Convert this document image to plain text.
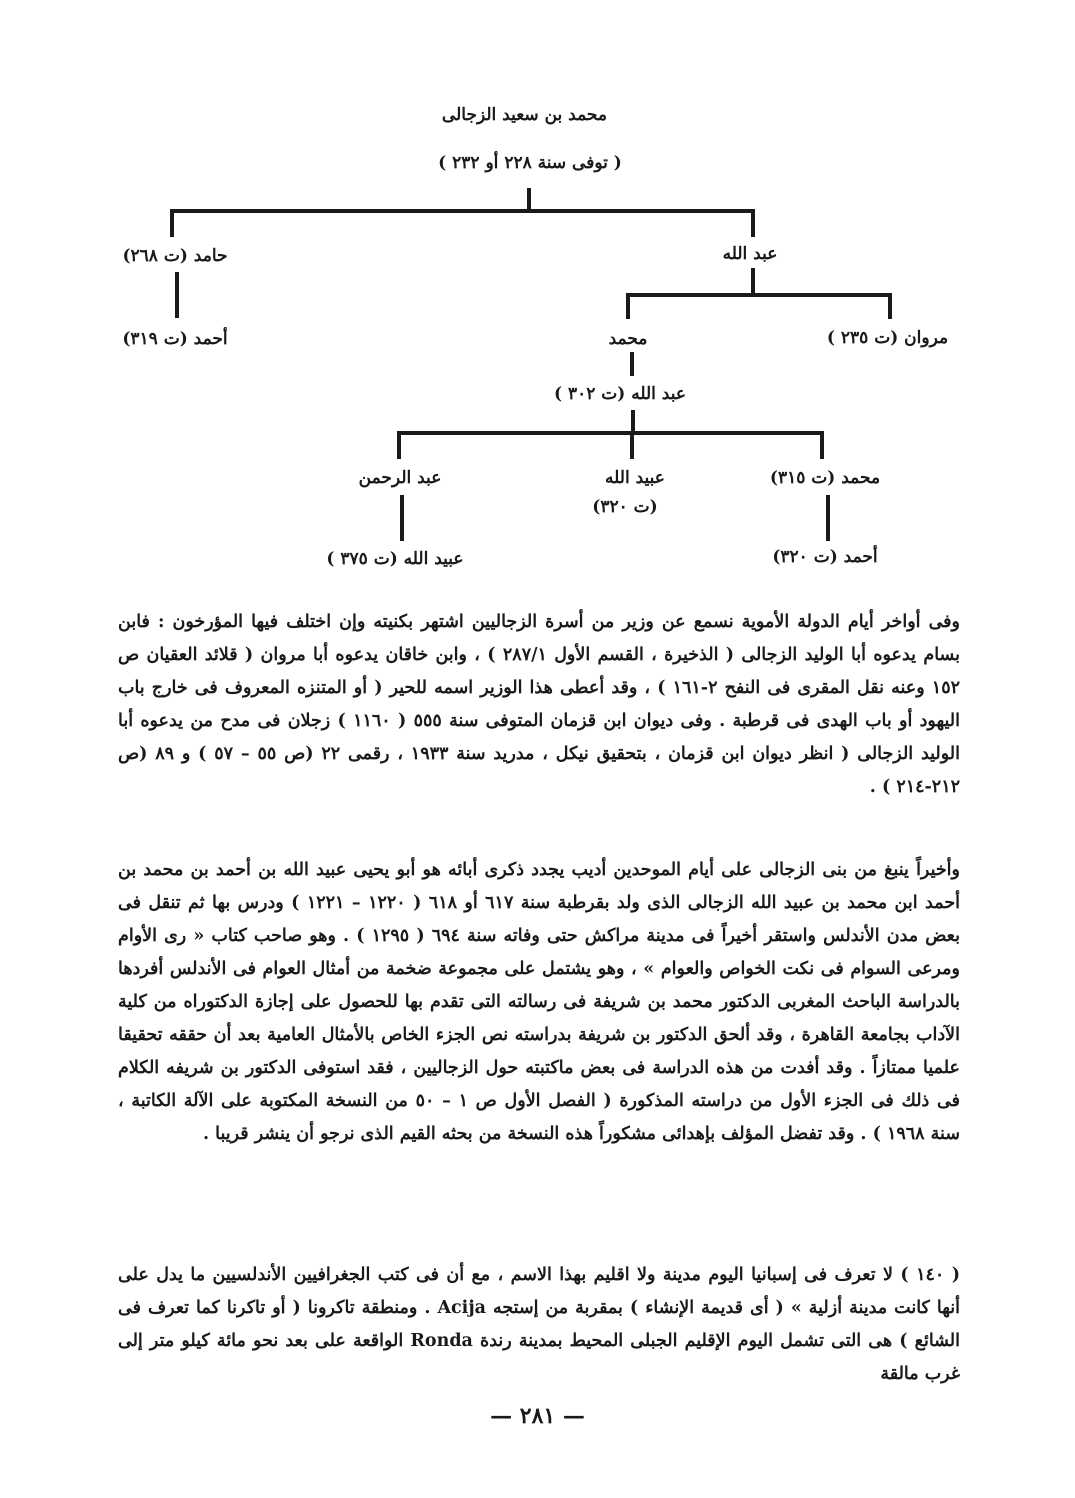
محمد بن سعيد الزجالى
( توفى سنة ٢٢٨ أو ٢٣٢ )
حامد (ت ٢٦٨)
أحمد (ت ٣١٩)
عبد الله
مروان (ت ٢٣٥ )
محمد
عبد الله (ت ٣٠٢ )
محمد (ت ٣١٥)
أحمد (ت ٣٢٠)
عبيد الله
(ت ٣٢٠)
عبد الرحمن
عبيد الله (ت ٣٧٥ )

وفى أواخر أيام الدولة الأموية نسمع عن وزير من أسرة الزجاليين اشتهر بكنيته وإن اختلف فيها المؤرخون : فابن بسام يدعوه أبا الوليد الزجالى ( الذخيرة ، القسم الأول ٢٨٧/١ ) ، وابن خاقان يدعوه أبا مروان ( قلائد العقيان ص ١٥٢ وعنه نقل المقرى فى النفح ٢-١٦١ ) ، وقد أعطى هذا الوزير اسمه للحير ( أو المتنزه المعروف فى خارج باب اليهود أو باب الهدى فى قرطبة . وفى ديوان ابن قزمان المتوفى سنة ٥٥٥ ( ١١٦٠ ) زجلان فى مدح من يدعوه أبا الوليد الزجالى ( انظر ديوان ابن قزمان ، بتحقيق نيكل ، مدريد سنة ١٩٣٣ ، رقمى ٢٢ (ص ٥٥ – ٥٧ ) و ٨٩ (ص ٢١٢-٢١٤ ) .

وأخيراً ينبغ من بنى الزجالى على أيام الموحدين أديب يجدد ذكرى أبائه هو أبو يحيى عبيد الله بن أحمد بن محمد بن أحمد ابن محمد بن عبيد الله الزجالى الذى ولد بقرطبة سنة ٦١٧ أو ٦١٨ ( ١٢٢٠ – ١٢٢١ ) ودرس بها ثم تنقل فى بعض مدن الأندلس واستقر أخيراً فى مدينة مراكش حتى وفاته سنة ٦٩٤ ( ١٢٩٥ ) . وهو صاحب كتاب « رى الأوام ومرعى السوام فى نكت الخواص والعوام » ، وهو يشتمل على مجموعة ضخمة من أمثال العوام فى الأندلس أفردها بالدراسة الباحث المغربى الدكتور محمد بن شريفة فى رسالته التى تقدم بها للحصول على إجازة الدكتوراه من كلية الآداب بجامعة القاهرة ، وقد ألحق الدكتور بن شريفة بدراسته نص الجزء الخاص بالأمثال العامية بعد أن حققه تحقيقا علميا ممتازاً . وقد أفدت من هذه الدراسة فى بعض ماكتبته حول الزجاليين ، فقد استوفى الدكتور بن شريفه الكلام فى ذلك فى الجزء الأول من دراسته المذكورة ( الفصل الأول ص ١ – ٥٠ من النسخة المكتوبة على الآلة الكاتبة ، سنة ١٩٦٨ ) . وقد تفضل المؤلف بإهدائى مشكوراً هذه النسخة من بحثه القيم الذى نرجو أن ينشر قريبا .

( ١٤٠ ) لا تعرف فى إسبانيا اليوم مدينة ولا اقليم بهذا الاسم ، مع أن فى كتب الجغرافيين الأندلسيين ما يدل على أنها كانت مدينة أزلية » ( أى قديمة الإنشاء ) بمقربة من إستجه Acija . ومنطقة تاكرونا ( أو تاكرنا كما تعرف فى الشائع ) هى التى تشمل اليوم الإقليم الجبلى المحيط بمدينة رندة Ronda الواقعة على بعد نحو مائة كيلو متر إلى غرب مالقة

— ٢٨١ —
